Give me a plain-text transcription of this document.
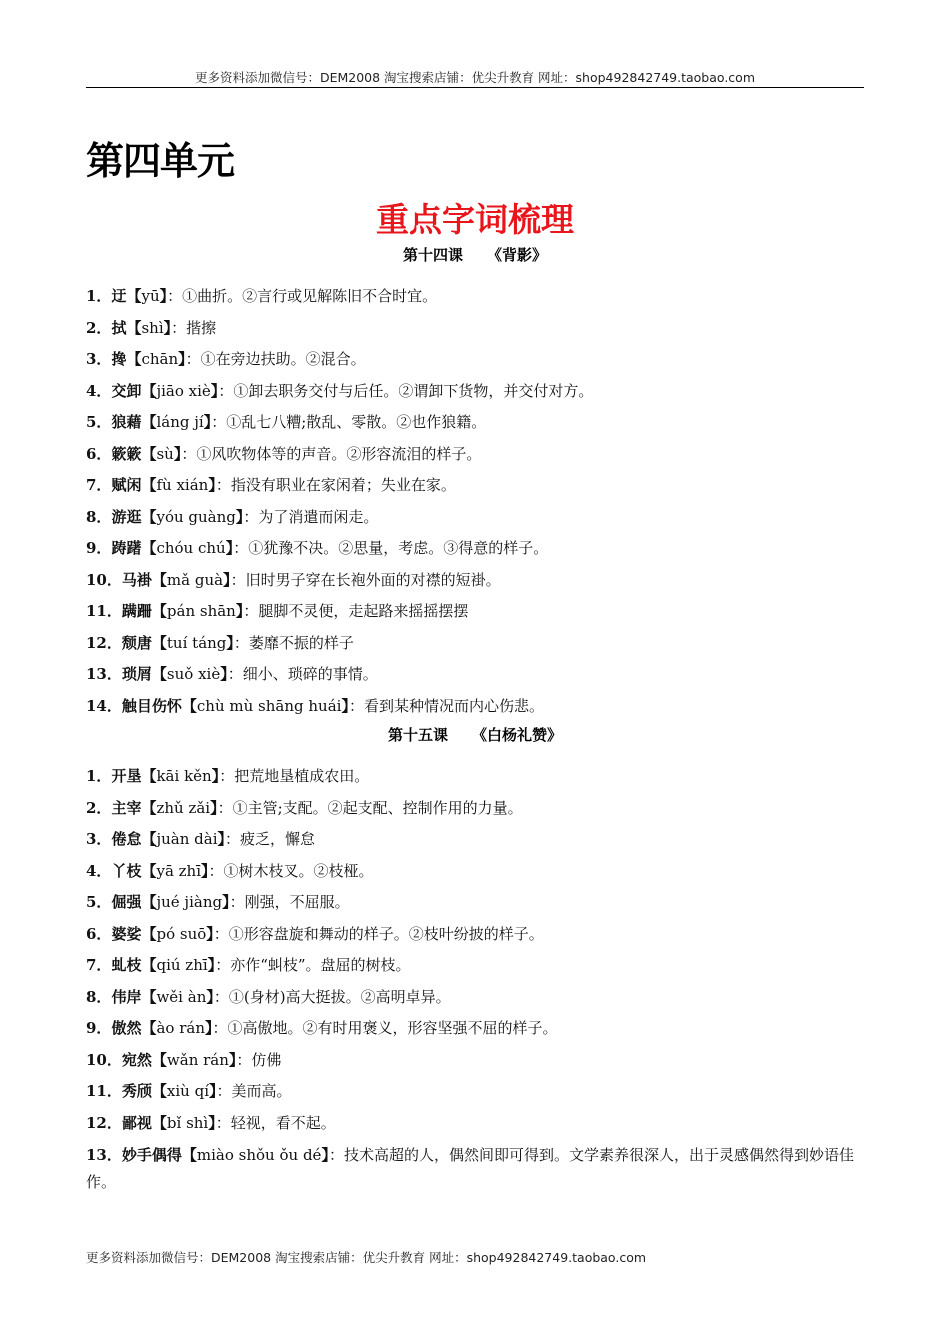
更多资料添加微信号：DEM2008 淘宝搜索店铺：优尖升教育 网址：shop492842749.taobao.com
第四单元
重点字词梳理
第十四课 《背影》
1．迂【yū】：①曲折。②言行或见解陈旧不合时宜。
2．拭【shì】：揩擦
3．搀【chān】：①在旁边扶助。②混合。
4．交卸【jiāo xiè】：①卸去职务交付与后任。②谓卸下货物，并交付对方。
5．狼藉【láng jí】：①乱七八糟;散乱、零散。②也作狼籍。
6．簌簌【sù】：①风吹物体等的声音。②形容流泪的样子。
7．赋闲【fù xián】：指没有职业在家闲着；失业在家。
8．游逛【yóu guàng】：为了消遣而闲走。
9．踌躇【chóu chú】：①犹豫不决。②思量，考虑。③得意的样子。
10．马褂【mǎ guà】：旧时男子穿在长袍外面的对襟的短褂。
11．蹒跚【pán shān】：腿脚不灵便，走起路来摇摇摆摆
12．颓唐【tuí táng】：萎靡不振的样子
13．琐屑【suǒ xiè】：细小、琐碎的事情。
14．触目伤怀【chù mù shāng huái】：看到某种情况而内心伤悲。
第十五课 《白杨礼赞》
1．开垦【kāi kěn】：把荒地垦植成农田。
2．主宰【zhǔ zǎi】：①主管;支配。②起支配、控制作用的力量。
3．倦怠【juàn dài】：疲乏，懈怠
4．丫枝【yā zhī】：①树木枝叉。②枝桠。
5．倔强【jué jiàng】：刚强，不屈服。
6．婆娑【pó suō】：①形容盘旋和舞动的样子。②枝叶纷披的样子。
7．虬枝【qiú zhī】：亦作“虯枝”。盘屈的树枝。
8．伟岸【wěi àn】：①(身材)高大挺拔。②高明卓异。
9．傲然【ào rán】：①高傲地。②有时用褒义，形容坚强不屈的样子。
10．宛然【wǎn rán】：仿佛
11．秀颀【xiù qí】：美而高。
12．鄙视【bǐ shì】：轻视，看不起。
13．妙手偶得【miào shǒu ǒu dé】：技术高超的人，偶然间即可得到。文学素养很深人，出于灵感偶然得到妙语佳作。
更多资料添加微信号：DEM2008 淘宝搜索店铺：优尖升教育 网址：shop492842749.taobao.com
